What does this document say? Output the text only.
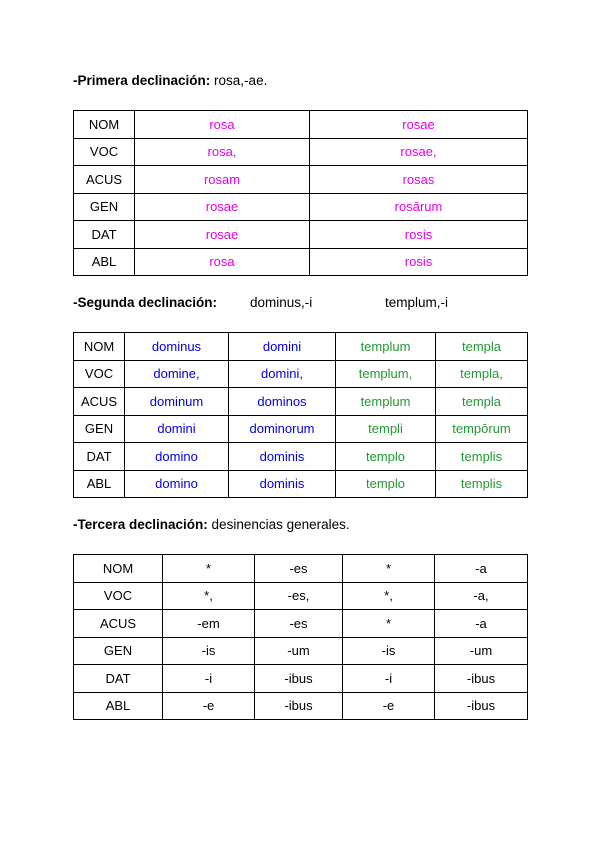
-Primera declinación: rosa,-ae.
NOM	rosa	rosae
VOC	rosa,	rosae,
ACUS	rosam	rosas
GEN	rosae	rosārum
DAT	rosae	rosis
ABL	rosa	rosis
-Segunda declinación: dominus,-i	templum,-i
NOM	dominus	domini	templum	templa
VOC	domine,	domini,	templum,	templa,
ACUS	dominum	dominos	templum	templa
GEN	domini	dominorum	templi	tempōrum
DAT	domino	dominis	templo	templis
ABL	domino	dominis	templo	templis
-Tercera declinación: desinencias generales.
NOM	*	-es	*	-a
VOC	*,	-es,	*,	-a,
ACUS	-em	-es	*	-a
GEN	-is	-um	-is	-um
DAT	-i	-ibus	-i	-ibus
ABL	-e	-ibus	-e	-ibus
